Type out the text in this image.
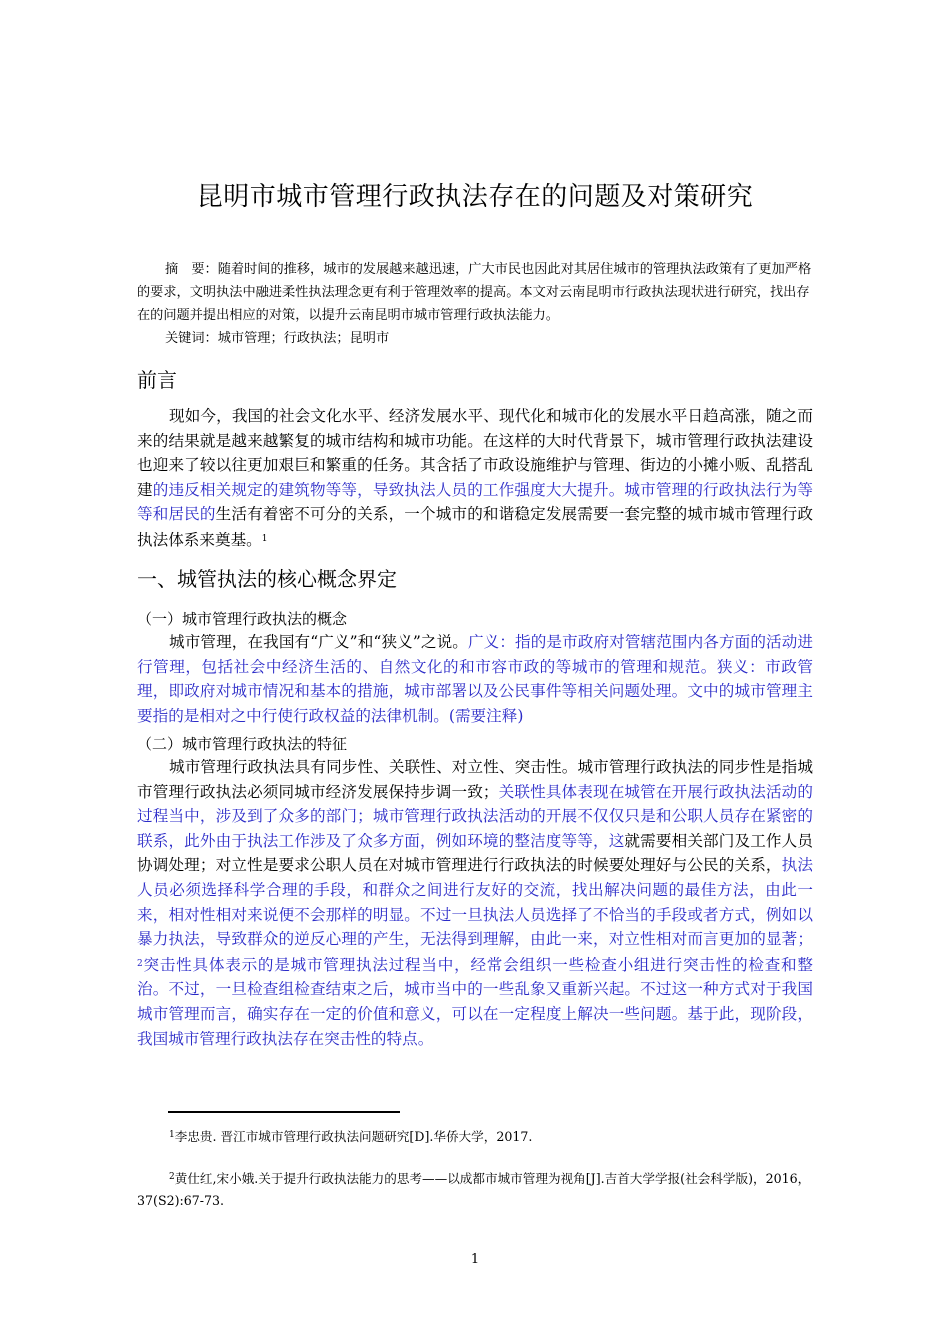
昆明市城市管理行政执法存在的问题及对策研究

摘　要：随着时间的推移，城市的发展越来越迅速，广大市民也因此对其居住城市的管理执法政策有了更加严格的要求，文明执法中融进柔性执法理念更有利于管理效率的提高。本文对云南昆明市行政执法现状进行研究，找出存在的问题并提出相应的对策，以提升云南昆明市城市管理行政执法能力。

关键词：城市管理；行政执法；昆明市

前言

现如今，我国的社会文化水平、经济发展水平、现代化和城市化的发展水平日趋高涨，随之而来的结果就是越来越繁复的城市结构和城市功能。在这样的大时代背景下，城市管理行政执法建设也迎来了较以往更加艰巨和繁重的任务。其含括了市政设施维护与管理、街边的小摊小贩、乱搭乱建的违反相关规定的建筑物等等，导致执法人员的工作强度大大提升。城市管理的行政执法行为等等和居民的生活有着密不可分的关系，一个城市的和谐稳定发展需要一套完整的城市城市管理行政执法体系来奠基。$^1$

一、城管执法的核心概念界定
（一）城市管理行政执法的概念

城市管理，在我国有“广义”和“狭义”之说。广义：指的是市政府对管辖范围内各方面的活动进行管理，包括社会中经济生活的、自然文化的和市容市政的等城市的管理和规范。狭义：市政管理，即政府对城市情况和基本的措施，城市部署以及公民事件等相关问题处理。文中的城市管理主要指的是相对之中行使行政权益的法律机制。(需要注释)

（二）城市管理行政执法的特征

城市管理行政执法具有同步性、关联性、对立性、突击性。城市管理行政执法的同步性是指城市管理行政执法必须同城市经济发展保持步调一致；关联性具体表现在城管在开展行政执法活动的过程当中，涉及到了众多的部门；城市管理行政执法活动的开展不仅仅只是和公职人员存在紧密的联系，此外由于执法工作涉及了众多方面，例如环境的整洁度等等，这就需要相关部门及工作人员协调处理；对立性是要求公职人员在对城市管理进行行政执法的时候要处理好与公民的关系，执法人员必须选择科学合理的手段，和群众之间进行友好的交流，找出解决问题的最佳方法，由此一来，相对性相对来说便不会那样的明显。不过一旦执法人员选择了不恰当的手段或者方式，例如以暴力执法，导致群众的逆反心理的产生，无法得到理解，由此一来，对立性相对而言更加的显著；$^2$突击性具体表示的是城市管理执法过程当中，经常会组织一些检查小组进行突击性的检查和整治。不过，一旦检查组检查结束之后，城市当中的一些乱象又重新兴起。不过这一种方式对于我国城市管理而言，确实存在一定的价值和意义，可以在一定程度上解决一些问题。基于此，现阶段，我国城市管理行政执法存在突击性的特点。

$^1$李忠贵. 晋江市城市管理行政执法问题研究[D].华侨大学，2017.

$^2$黄仕红,宋小娥.关于提升行政执法能力的思考——以成都市城市管理为视角[J].吉首大学学报(社会科学版)，2016，37(S2):67-73.

1
